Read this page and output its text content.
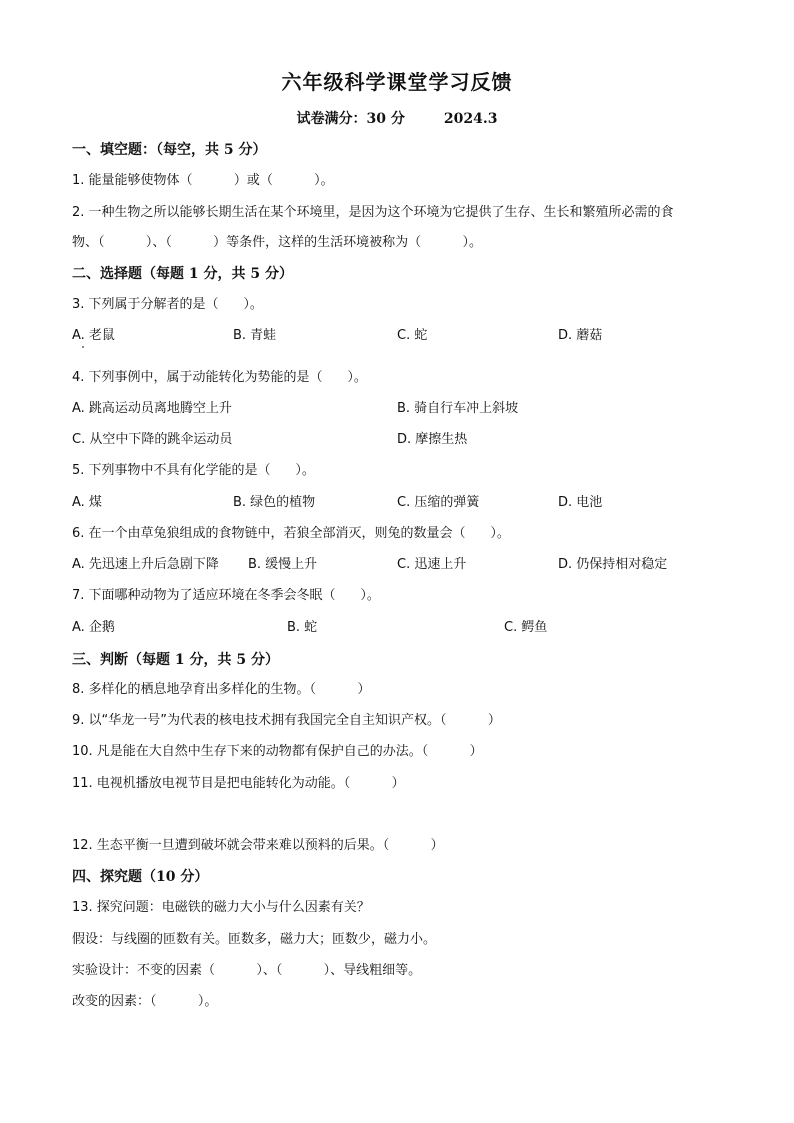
六年级科学课堂学习反馈
试卷满分：30 分        2024.3
一、填空题：（每空，共 5 分）
1. 能量能够使物体（          ）或（          ）。
2. 一种生物之所以能够长期生活在某个环境里，是因为这个环境为它提供了生存、生长和繁殖所必需的食
物、（          ）、（          ）等条件，这样的生活环境被称为（          ）。
二、选择题（每题 1 分，共 5 分）
3. 下列属于分解者的是（      ）。
A. 老鼠	B. 青蛙	C. 蛇	D. 蘑菇
4. 下列事例中，属于动能转化为势能的是（      ）。
A. 跳高运动员离地腾空上升	B. 骑自行车冲上斜坡
C. 从空中下降的跳伞运动员	D. 摩擦生热
5. 下列事物中不具有化学能的是（      ）。
A. 煤	B. 绿色的植物	C. 压缩的弹簧	D. 电池
6. 在一个由草兔狼组成的食物链中，若狼全部消灭，则兔的数量会（      ）。
A. 先迅速上升后急剧下降 B. 缓慢上升	C. 迅速上升	D. 仍保持相对稳定
7. 下面哪种动物为了适应环境在冬季会冬眠（      ）。
A. 企鹅	B. 蛇	C. 鳄鱼
三、判断（每题 1 分，共 5 分）
8. 多样化的栖息地孕育出多样化的生物。（          ）
9. 以“华龙一号”为代表的核电技术拥有我国完全自主知识产权。（          ）
10. 凡是能在大自然中生存下来的动物都有保护自己的办法。（          ）
11. 电视机播放电视节目是把电能转化为动能。（          ）
12. 生态平衡一旦遭到破坏就会带来难以预料的后果。（          ）
四、探究题（10 分）
13. 探究问题：电磁铁的磁力大小与什么因素有关？
假设：与线圈的匝数有关。匝数多，磁力大；匝数少，磁力小。
实验设计：不变的因素（          ）、（          ）、导线粗细等。
改变的因素：（          ）。
